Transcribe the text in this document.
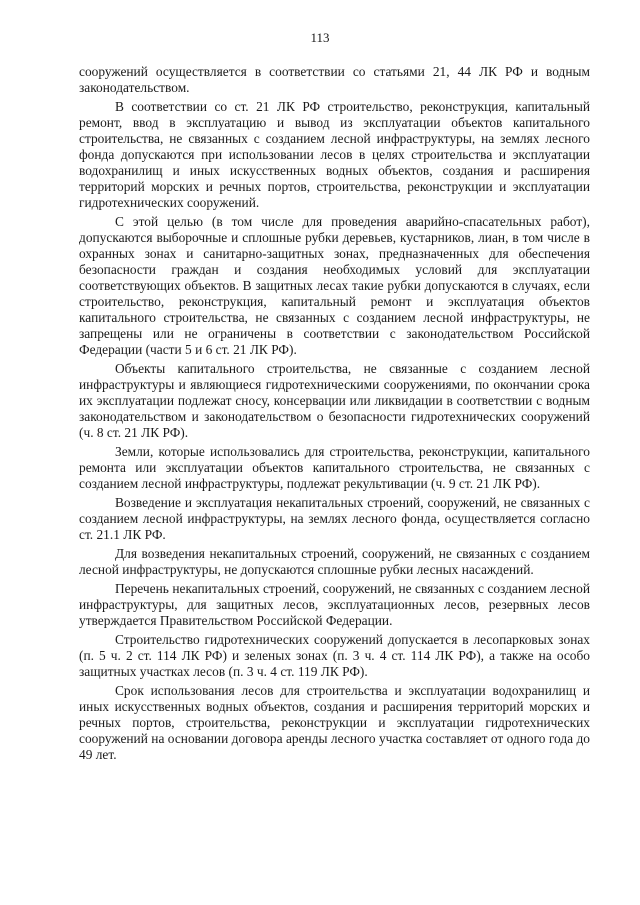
113

сооружений осуществляется в соответствии со статьями 21, 44 ЛК РФ и водным законодательством.

В соответствии со ст. 21 ЛК РФ строительство, реконструкция, капитальный ремонт, ввод в эксплуатацию и вывод из эксплуатации объектов капитального строительства, не связанных с созданием лесной инфраструктуры, на землях лесного фонда допускаются при использовании лесов в целях строительства и эксплуатации водохранилищ и иных искусственных водных объектов, создания и расширения территорий морских и речных портов, строительства, реконструкции и эксплуатации гидротехнических сооружений.

С этой целью (в том числе для проведения аварийно-спасательных работ), допускаются выборочные и сплошные рубки деревьев, кустарников, лиан, в том числе в охранных зонах и санитарно-защитных зонах, предназначенных для обеспечения безопасности граждан и создания необходимых условий для эксплуатации соответствующих объектов. В защитных лесах такие рубки допускаются в случаях, если строительство, реконструкция, капитальный ремонт и эксплуатация объектов капитального строительства, не связанных с созданием лесной инфраструктуры, не запрещены или не ограничены в соответствии с законодательством Российской Федерации (части 5 и 6 ст. 21 ЛК РФ).

Объекты капитального строительства, не связанные с созданием лесной инфраструктуры и являющиеся гидротехническими сооружениями, по окончании срока их эксплуатации подлежат сносу, консервации или ликвидации в соответствии с водным законодательством и законодательством о безопасности гидротехнических сооружений (ч. 8 ст. 21 ЛК РФ).

Земли, которые использовались для строительства, реконструкции, капитального ремонта или эксплуатации объектов капитального строительства, не связанных с созданием лесной инфраструктуры, подлежат рекультивации (ч. 9 ст. 21 ЛК РФ).

Возведение и эксплуатация некапитальных строений, сооружений, не связанных с созданием лесной инфраструктуры, на землях лесного фонда, осуществляется согласно ст. 21.1 ЛК РФ.

Для возведения некапитальных строений, сооружений, не связанных с созданием лесной инфраструктуры, не допускаются сплошные рубки лесных насаждений.

Перечень некапитальных строений, сооружений, не связанных с созданием лесной инфраструктуры, для защитных лесов, эксплуатационных лесов, резервных лесов утверждается Правительством Российской Федерации.

Строительство гидротехнических сооружений допускается в лесопарковых зонах (п. 5 ч. 2 ст. 114 ЛК РФ) и зеленых зонах (п. 3 ч. 4 ст. 114 ЛК РФ), а также на особо защитных участках лесов (п. 3 ч. 4 ст. 119 ЛК РФ).

Срок использования лесов для строительства и эксплуатации водохранилищ и иных искусственных водных объектов, создания и расширения территорий морских и речных портов, строительства, реконструкции и эксплуатации гидротехнических сооружений на основании договора аренды лесного участка составляет от одного года до 49 лет.
